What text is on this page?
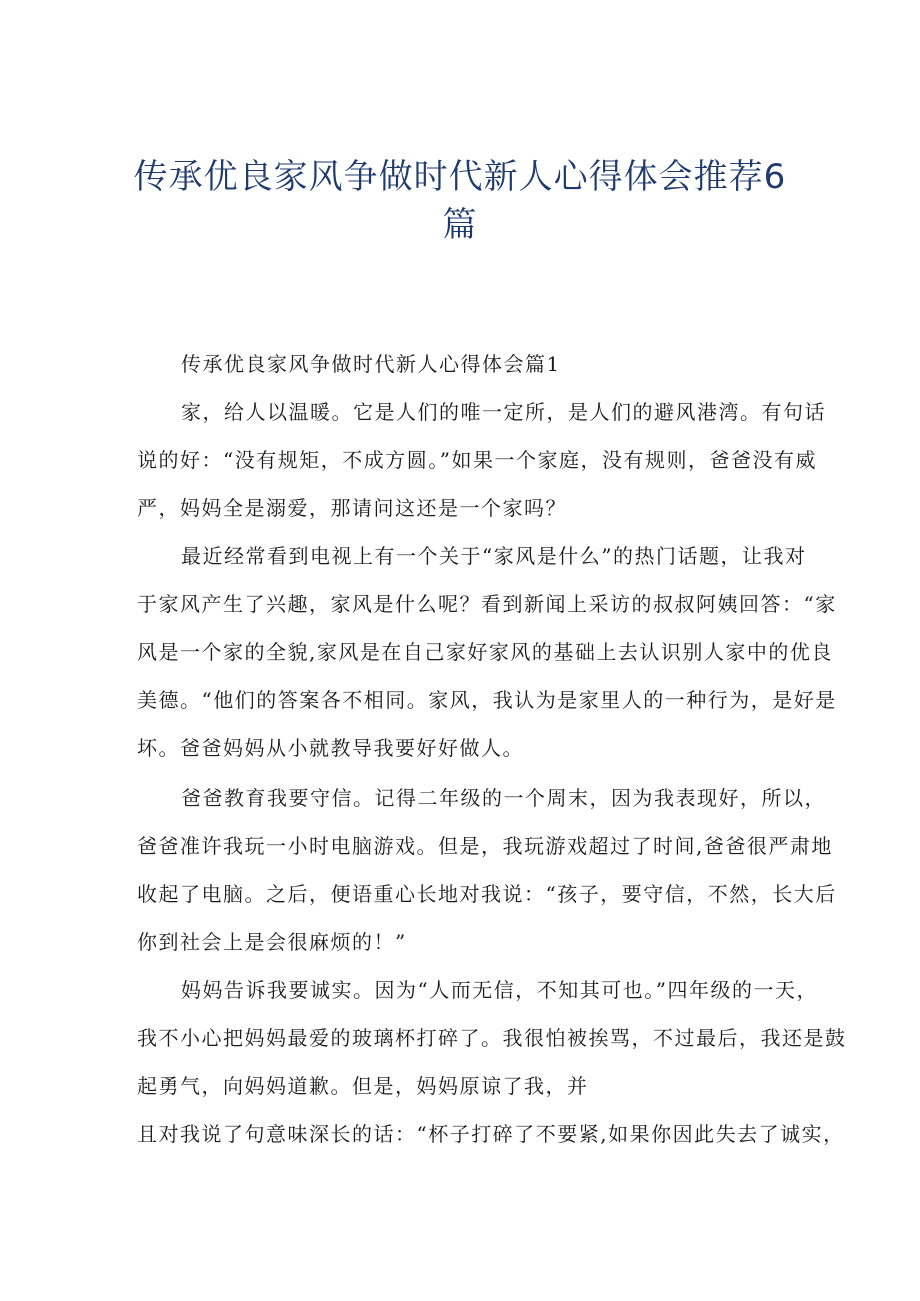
传承优良家风争做时代新人心得体会推荐6
篇
传承优良家风争做时代新人心得体会篇1
家，给人以温暖。它是人们的唯一定所，是人们的避风港湾。有句话
说的好：“没有规矩，不成方圆。”如果一个家庭，没有规则，爸爸没有威
严，妈妈全是溺爱，那请问这还是一个家吗？
最近经常看到电视上有一个关于“家风是什么”的热门话题，让我对
于家风产生了兴趣，家风是什么呢？看到新闻上采访的叔叔阿姨回答：“家
风是一个家的全貌,家风是在自己家好家风的基础上去认识别人家中的优良
美德。“他们的答案各不相同。家风，我认为是家里人的一种行为，是好是
坏。爸爸妈妈从小就教导我要好好做人。
爸爸教育我要守信。记得二年级的一个周末，因为我表现好，所以，
爸爸准许我玩一小时电脑游戏。但是，我玩游戏超过了时间,爸爸很严肃地
收起了电脑。之后，便语重心长地对我说：“孩子，要守信，不然，长大后
你到社会上是会很麻烦的！”
妈妈告诉我要诚实。因为“人而无信，不知其可也。”四年级的一天，
我不小心把妈妈最爱的玻璃杯打碎了。我很怕被挨骂，不过最后，我还是鼓
起勇气，向妈妈道歉。但是，妈妈原谅了我，并
且对我说了句意味深长的话：“杯子打碎了不要紧,如果你因此失去了诚实，
